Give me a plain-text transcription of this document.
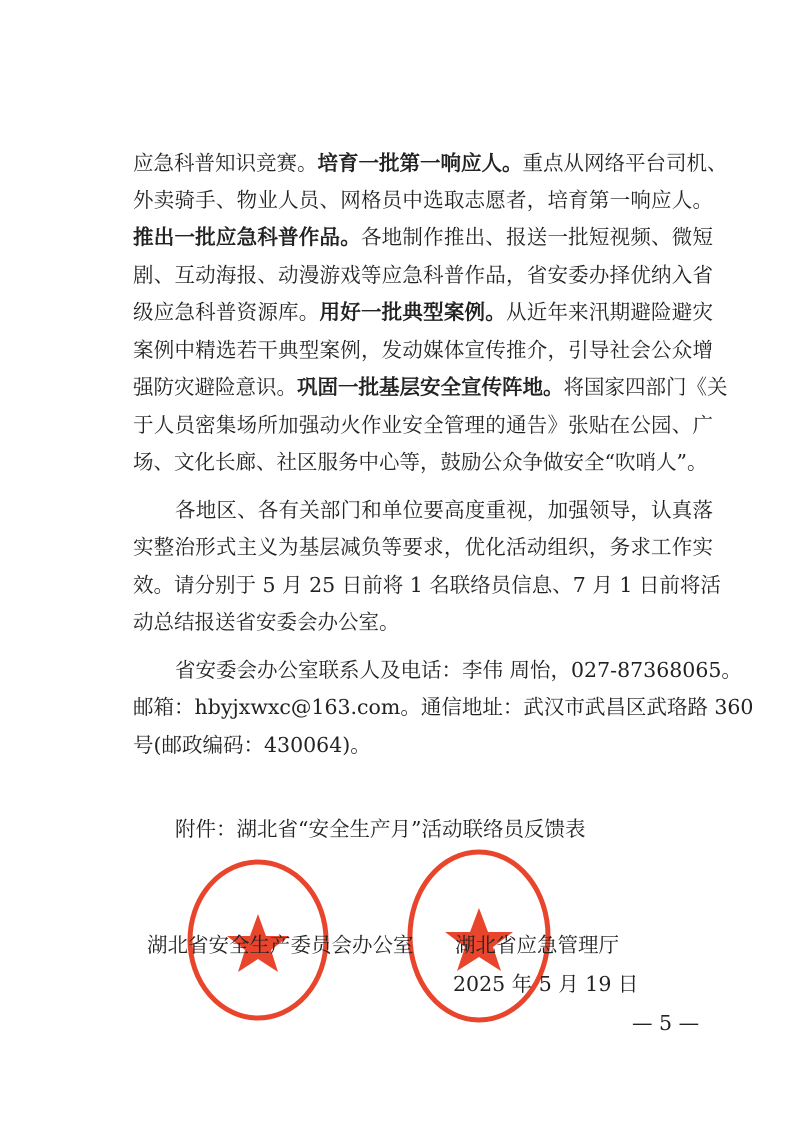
应急科普知识竞赛。培育一批第一响应人。重点从网络平台司机、
外卖骑手、物业人员、网格员中选取志愿者，培育第一响应人。
推出一批应急科普作品。各地制作推出、报送一批短视频、微短
剧、互动海报、动漫游戏等应急科普作品，省安委办择优纳入省
级应急科普资源库。用好一批典型案例。从近年来汛期避险避灾
案例中精选若干典型案例，发动媒体宣传推介，引导社会公众增
强防灾避险意识。巩固一批基层安全宣传阵地。将国家四部门《关
于人员密集场所加强动火作业安全管理的通告》张贴在公园、广
场、文化长廊、社区服务中心等，鼓励公众争做安全“吹哨人”。
各地区、各有关部门和单位要高度重视，加强领导，认真落
实整治形式主义为基层减负等要求，优化活动组织，务求工作实
效。请分别于 5 月 25 日前将 1 名联络员信息、7 月 1 日前将活
动总结报送省安委会办公室。
省安委会办公室联系人及电话：李伟 周怡，027-87368065。
邮箱：hbyjxwxc@163.com。通信地址：武汉市武昌区武珞路 360
号(邮政编码：430064)。
附件：湖北省“安全生产月”活动联络员反馈表
湖北省安全生产委员会办公室 湖北省应急管理厅
2025 年 5 月 19 日
— 5 —
